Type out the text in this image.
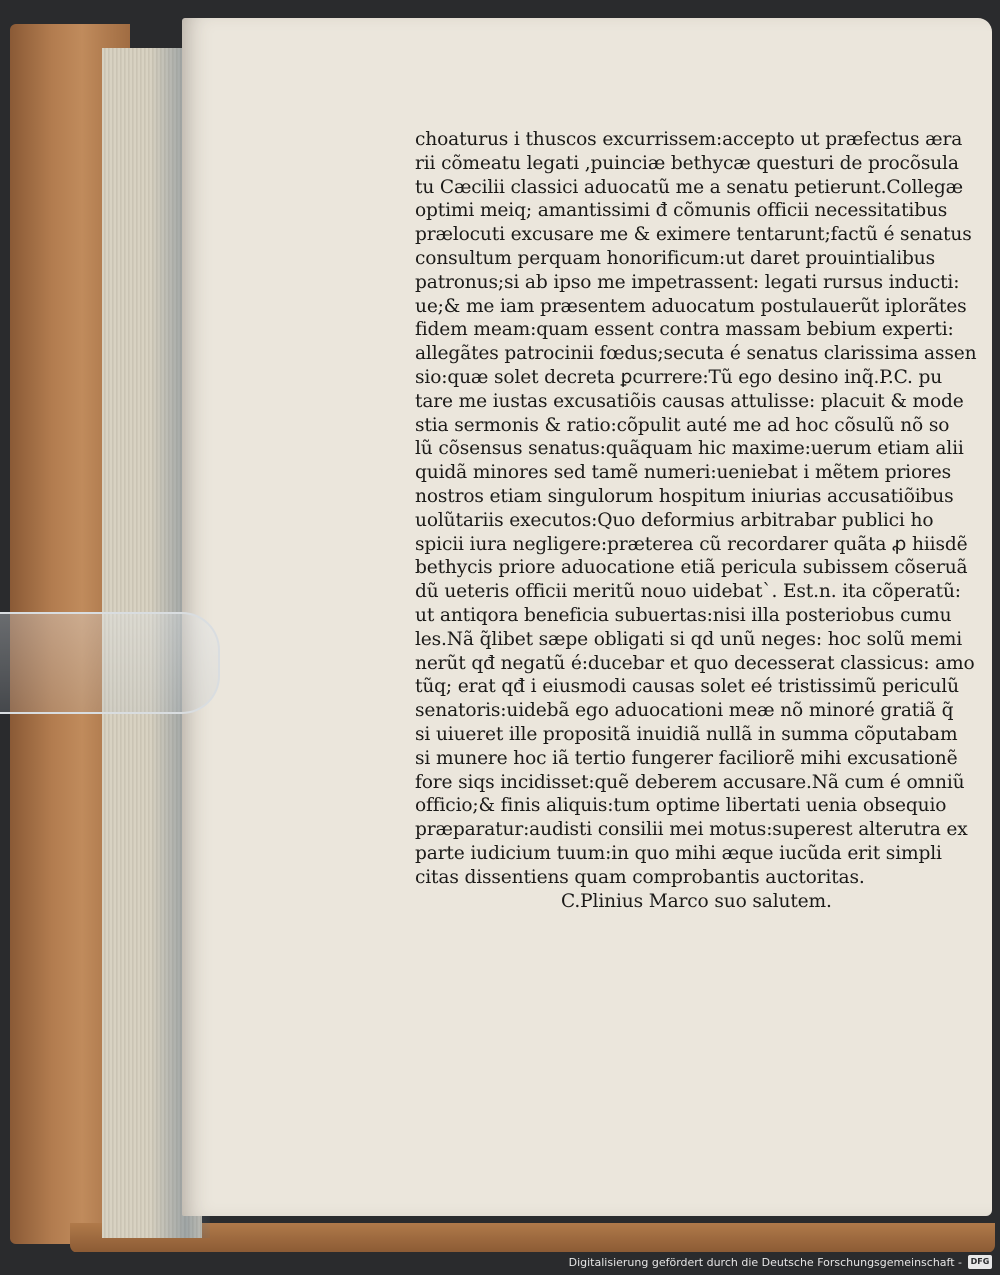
choaturus i thuscos excurrissem:accepto ut præfectus æra
rii cõmeatu legati ,puinciæ bethycæ questuri de procõsula
tu Cæcilii classici aduocatũ me a senatu petierunt.Collegæ
optimi meiq; amantissimi đ cõmunis officii necessitatibus
prælocuti excusare me & eximere tentarunt;factũ é senatus
consultum perquam honorificum:ut daret prouintialibus
patronus;si ab ipso me impetrassent: legati rursus inducti:
ue;& me iam præsentem aduocatum postulauerũt iplorãtes
fidem meam:quam essent contra massam bebium experti:
allegãtes patrocinii fœdus;secuta é senatus clarissima assen
sio:quæ solet decreta ꝑcurrere:Tũ ego desino inq̃.P.C. pu
tare me iustas excusatiõis causas attulisse: placuit & mode
stia sermonis & ratio:cõpulit auté me ad hoc cõsulũ nõ so
lũ cõsensus senatus:quãquam hic maxime:uerum etiam alii
quidã minores sed tamẽ numeri:ueniebat i mẽtem priores
nostros etiam singulorum hospitum iniurias accusatiõibus
uolũtariis executos:Quo deformius arbitrabar publici ho
spicii iura negligere:præterea cũ recordarer quãta ꝓ hiisdẽ
bethycis priore aduocatione etiã pericula subissem cõseruã
dũ ueteris officii meritũ nouo uidebatˋ. Est.n. ita cõperatũ:
ut antiqora beneficia subuertas:nisi illa posteriobus cumu
les.Nã q̃libet sæpe obligati si qd unũ neges: hoc solũ memi
nerũt qđ negatũ é:ducebar et quo decesserat classicus: amo
tũq; erat qđ i eiusmodi causas solet eé tristissimũ periculũ
senatoris:uidebã ego aduocationi meæ nõ minoré gratiã q̃
si uiueret ille propositã inuidiã nullã in summa cõputabam
si munere hoc iã tertio fungerer faciliorẽ mihi excusationẽ
fore siqs incidisset:quẽ deberem accusare.Nã cum é omniũ
officio;& finis aliquis:tum optime libertati uenia obsequio
præparatur:audisti consilii mei motus:superest alterutra ex
parte iudicium tuum:in quo mihi æque iucũda erit simpli
citas dissentiens quam comprobantis auctoritas.
C.Plinius Marco suo salutem.
Digitalisierung gefördert durch die Deutsche Forschungsgemeinschaft -	DFG
